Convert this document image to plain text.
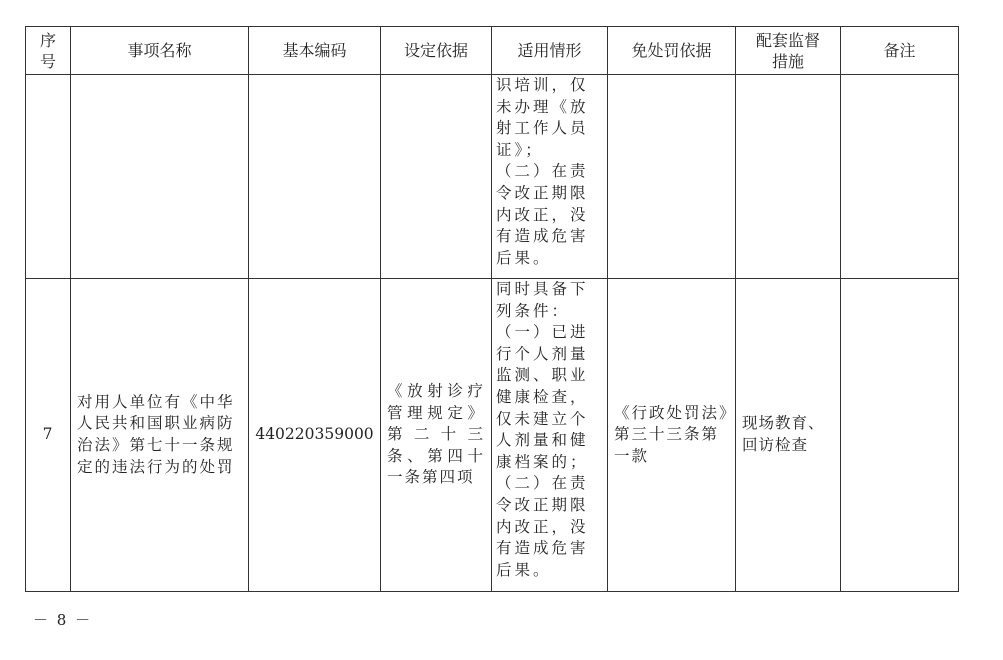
序号	事项名称	基本编码	设定依据	适用情形	免处罚依据	配套监督措施	备注
				识培训，仅未办理《放射工作人员证》；
（二）在责令改正期限内改正，没有造成危害后果。			
7	对用人单位有《中华人民共和国职业病防治法》第七十一条规定的违法行为的处罚	440220359000	《放射诊疗管理规定》第二十三条、第四十一条第四项	同时具备下列条件：
（一）已进行个人剂量监测、职业健康检查，仅未建立个人剂量和健康档案的；
（二）在责令改正期限内改正，没有造成危害后果。	《行政处罚法》第三十三条第一款	现场教育、回访检查	
－ 8 －
